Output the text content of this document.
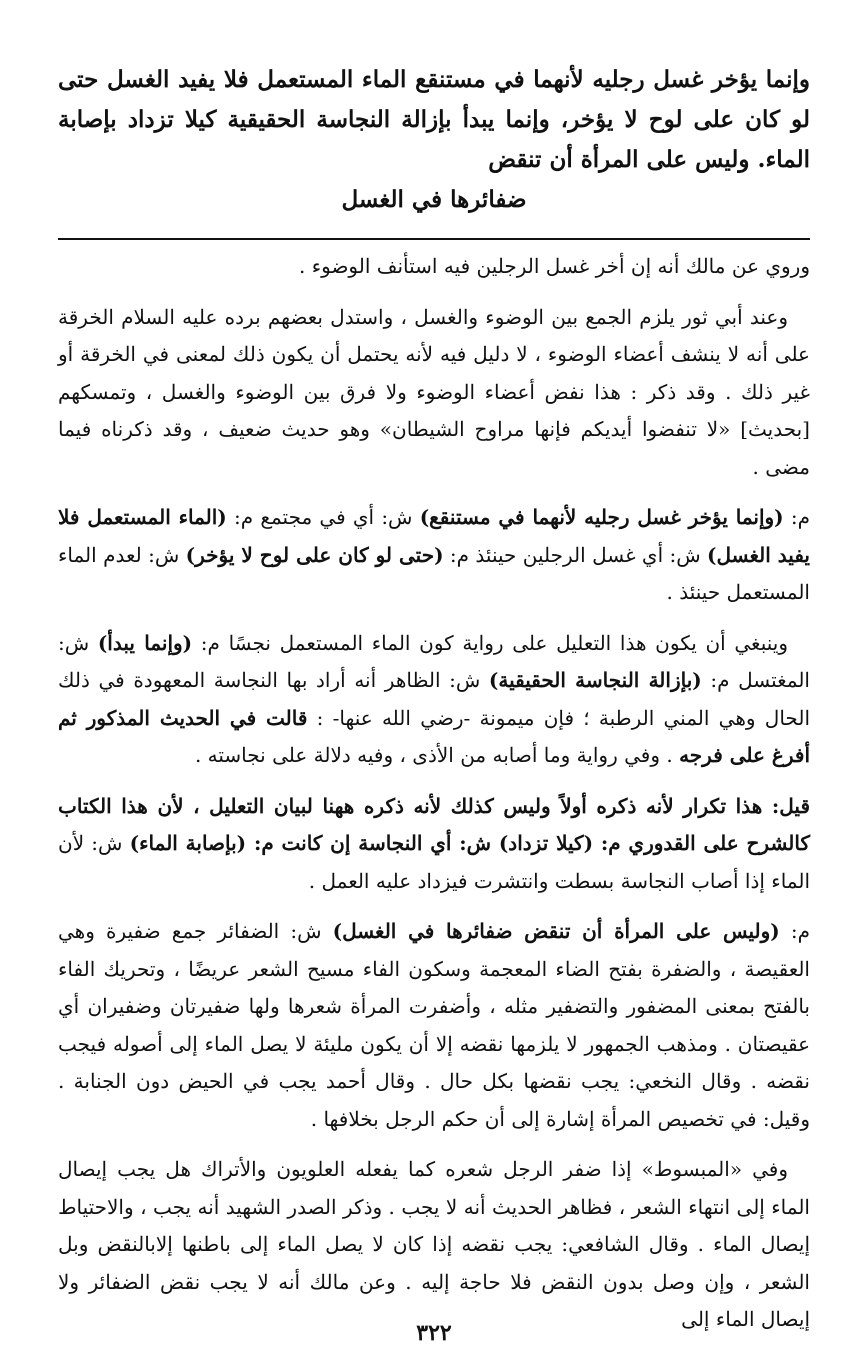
وإنما يؤخر غسل رجليه لأنهما في مستنقع الماء المستعمل فلا يفيد الغسل حتى لو كان على لوح لا يؤخر، وإنما يبدأ بإزالة النجاسة الحقيقية كيلا تزداد بإصابة الماء. وليس على المرأة أن تنقض
ضفائرها في الغسل

وروي عن مالك أنه إن أخر غسل الرجلين فيه استأنف الوضوء .

وعند أبي ثور يلزم الجمع بين الوضوء والغسل ، واستدل بعضهم برده عليه السلام الخرقة على أنه لا ينشف أعضاء الوضوء ، لا دليل فيه لأنه يحتمل أن يكون ذلك لمعنى في الخرقة أو غير ذلك . وقد ذكر : هذا نفض أعضاء الوضوء ولا فرق بين الوضوء والغسل ، وتمسكهم [بحديث] «لا تنفضوا أيديكم فإنها مراوح الشيطان» وهو حديث ضعيف ، وقد ذكرناه فيما مضى .

م: (وإنما يؤخر غسل رجليه لأنهما في مستنقع) ش: أي في مجتمع م: (الماء المستعمل فلا يفيد الغسل) ش: أي غسل الرجلين حينئذ م: (حتى لو كان على لوح لا يؤخر) ش: لعدم الماء المستعمل حينئذ .

وينبغي أن يكون هذا التعليل على رواية كون الماء المستعمل نجسًا م: (وإنما يبدأ) ش: المغتسل م: (بإزالة النجاسة الحقيقية) ش: الظاهر أنه أراد بها النجاسة المعهودة في ذلك الحال وهي المني الرطبة ؛ فإن ميمونة -رضي الله عنها- : قالت في الحديث المذكور ثم أفرغ على فرجه . وفي رواية وما أصابه من الأذى ، وفيه دلالة على نجاسته .

قيل: هذا تكرار لأنه ذكره أولاً وليس كذلك لأنه ذكره ههنا لبيان التعليل ، لأن هذا الكتاب كالشرح على القدوري م: (كيلا تزداد) ش: أي النجاسة إن كانت م: (بإصابة الماء) ش: لأن الماء إذا أصاب النجاسة بسطت وانتشرت فيزداد عليه العمل .

م: (وليس على المرأة أن تنقض ضفائرها في الغسل) ش: الضفائر جمع ضفيرة وهي العقيصة ، والضفرة بفتح الضاء المعجمة وسكون الفاء مسيح الشعر عريضًا ، وتحريك الفاء بالفتح بمعنى المضفور والتضفير مثله ، وأضفرت المرأة شعرها ولها ضفيرتان وضفيران أي عقيصتان . ومذهب الجمهور لا يلزمها نقضه إلا أن يكون مليئة لا يصل الماء إلى أصوله فيجب نقضه . وقال النخعي: يجب نقضها بكل حال . وقال أحمد يجب في الحيض دون الجنابة . وقيل: في تخصيص المرأة إشارة إلى أن حكم الرجل بخلافها .

وفي «المبسوط» إذا ضفر الرجل شعره كما يفعله العلويون والأتراك هل يجب إيصال الماء إلى انتهاء الشعر ، فظاهر الحديث أنه لا يجب . وذكر الصدر الشهيد أنه يجب ، والاحتياط إيصال الماء . وقال الشافعي: يجب نقضه إذا كان لا يصل الماء إلى باطنها إلابالنقض وبل الشعر ، وإن وصل بدون النقض فلا حاجة إليه . وعن مالك أنه لا يجب نقض الضفائر ولا إيصال الماء إلى

٣٢٢
